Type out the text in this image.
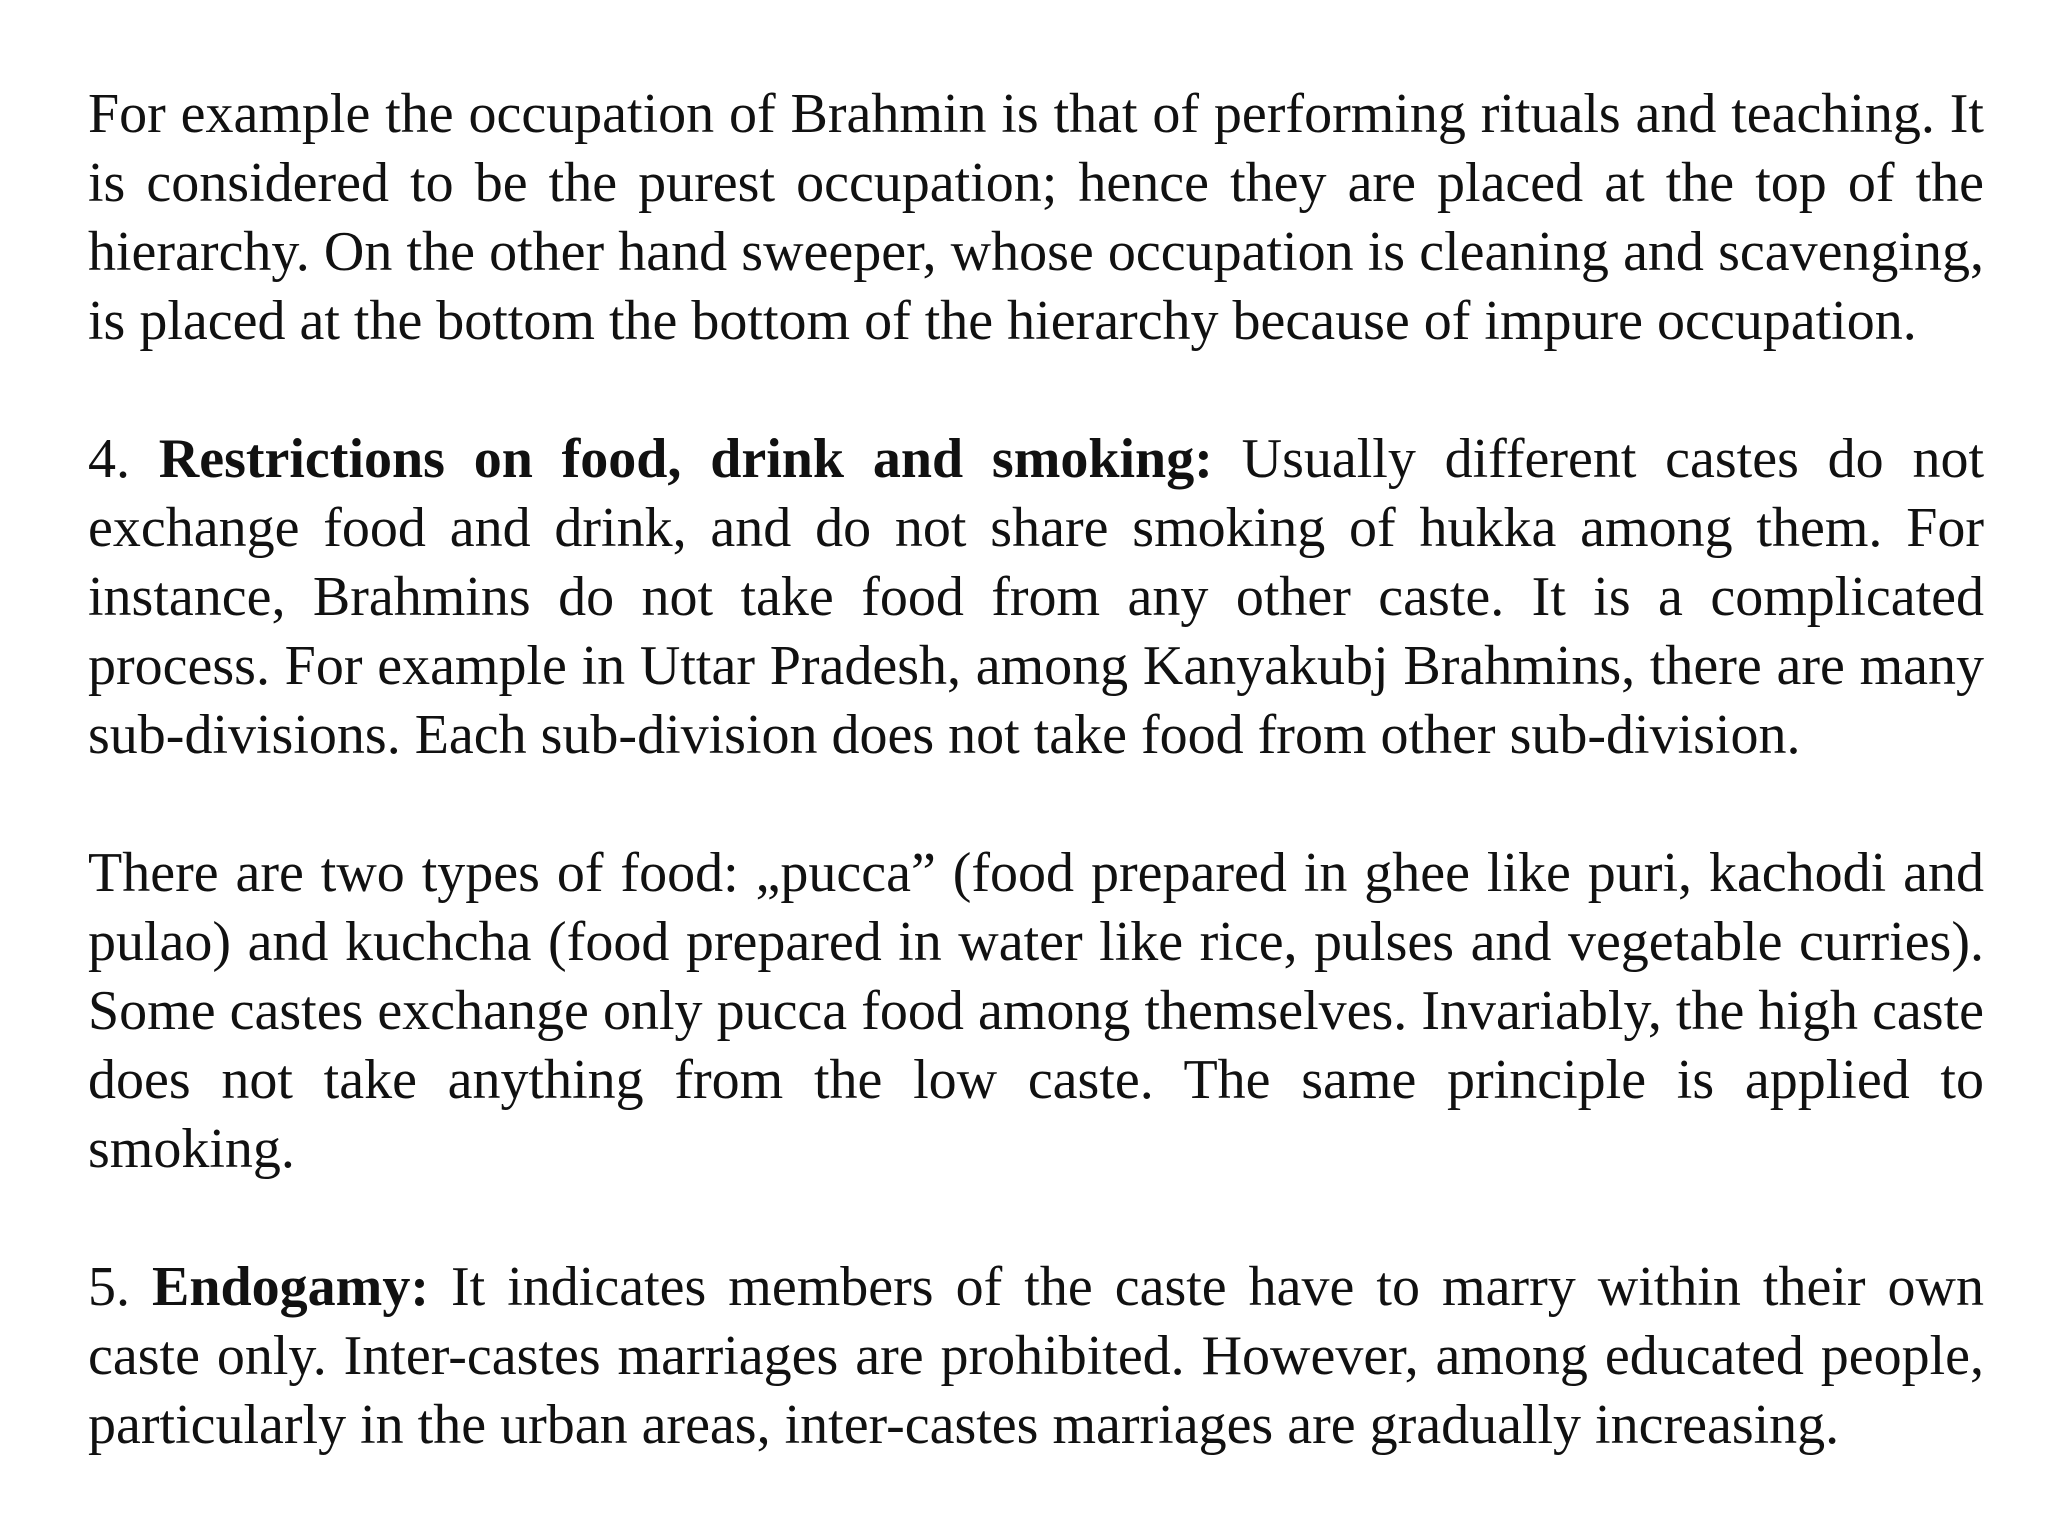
For example the occupation of Brahmin is that of performing rituals and teaching. It is considered to be the purest occupation; hence they are placed at the top of the hierarchy. On the other hand sweeper, whose occupation is cleaning and scavenging, is placed at the bottom the bottom of the hierarchy because of impure occupation.

4. Restrictions on food, drink and smoking: Usually different castes do not exchange food and drink, and do not share smoking of hukka among them. For instance, Brahmins do not take food from any other caste. It is a complicated process. For example in Uttar Pradesh, among Kanyakubj Brahmins, there are many sub-divisions. Each sub-division does not take food from other sub-division.

There are two types of food: „pucca” (food prepared in ghee like puri, kachodi and pulao) and kuchcha (food prepared in water like rice, pulses and vegetable curries). Some castes exchange only pucca food among themselves. Invariably, the high caste does not take anything from the low caste. The same principle is applied to smoking.

5. Endogamy: It indicates members of the caste have to marry within their own caste only. Inter-castes marriages are prohibited. However, among educated people, particularly in the urban areas, inter-castes marriages are gradually increasing.
